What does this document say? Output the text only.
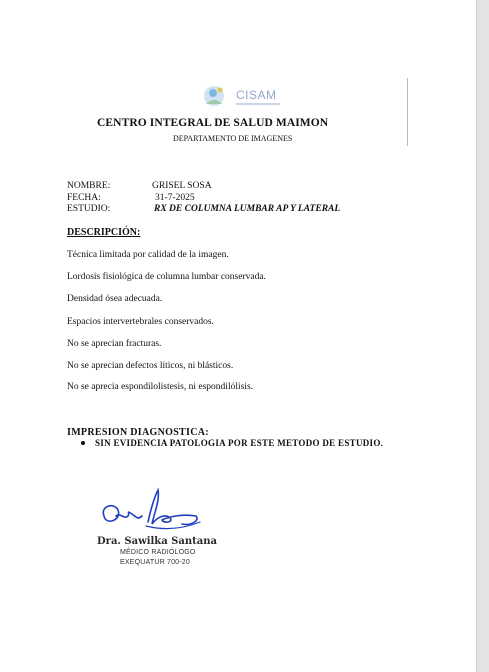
CISAM
CENTRO INTEGRAL DE SALUD MAIMON
DEPARTAMENTO DE IMAGENES
NOMBRE:	GRISEL SOSA
FECHA:	31-7-2025
ESTUDIO:	RX DE COLUMNA LUMBAR AP Y LATERAL
DESCRIPCIÓN:
Técnica limitada por calidad de la imagen.
Lordosis fisiológica de columna lumbar conservada.
Densidad ósea adecuada.
Espacios intervertebrales conservados.
No se aprecian fracturas.
No se aprecian defectos líticos, ni blásticos.
No se aprecia espondilolistesis, ni espondilólisis.
IMPRESION DIAGNOSTICA:
SIN EVIDENCIA PATOLOGIA POR ESTE METODO DE ESTUDIO.
Dra. Sawilka Santana
MÉDICO RADIÓLOGO
EXEQUATUR 700-20
